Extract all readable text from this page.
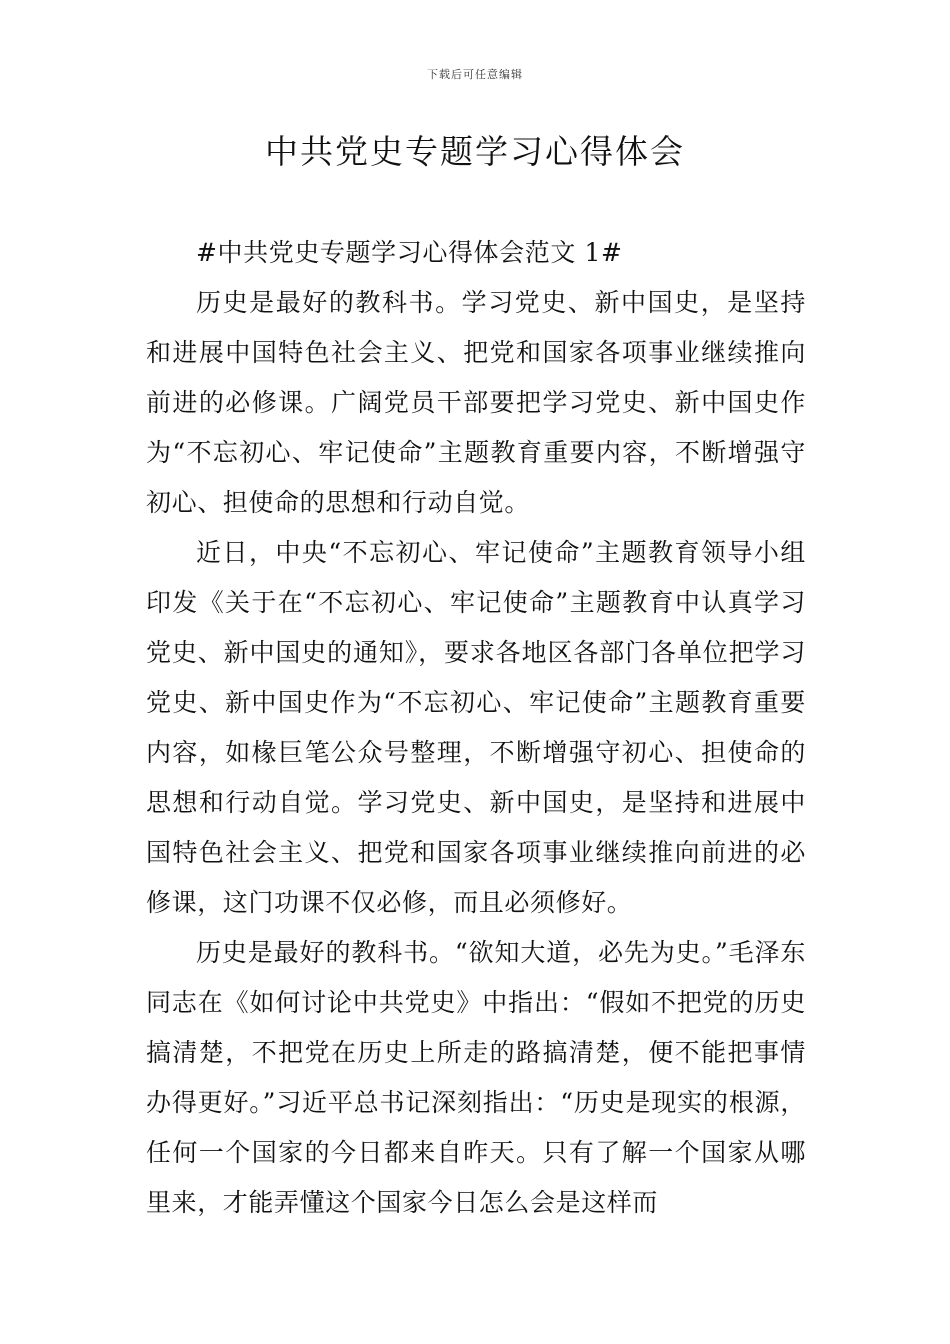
下载后可任意编辑
中共党史专题学习心得体会

#中共党史专题学习心得体会范文 1#

历史是最好的教科书。学习党史、新中国史，是坚持和进展中国特色社会主义、把党和国家各项事业继续推向前进的必修课。广阔党员干部要把学习党史、新中国史作为“不忘初心、牢记使命”主题教育重要内容，不断增强守初心、担使命的思想和行动自觉。

近日，中央“不忘初心、牢记使命”主题教育领导小组印发《关于在“不忘初心、牢记使命”主题教育中认真学习党史、新中国史的通知》，要求各地区各部门各单位把学习党史、新中国史作为“不忘初心、牢记使命”主题教育重要内容，如椽巨笔公众号整理，不断增强守初心、担使命的思想和行动自觉。学习党史、新中国史，是坚持和进展中国特色社会主义、把党和国家各项事业继续推向前进的必修课，这门功课不仅必修，而且必须修好。

历史是最好的教科书。“欲知大道，必先为史。”毛泽东同志在《如何讨论中共党史》中指出：“假如不把党的历史搞清楚，不把党在历史上所走的路搞清楚，便不能把事情办得更好。”习近平总书记深刻指出：“历史是现实的根源，任何一个国家的今日都来自昨天。只有了解一个国家从哪里来，才能弄懂这个国家今日怎么会是这样而
